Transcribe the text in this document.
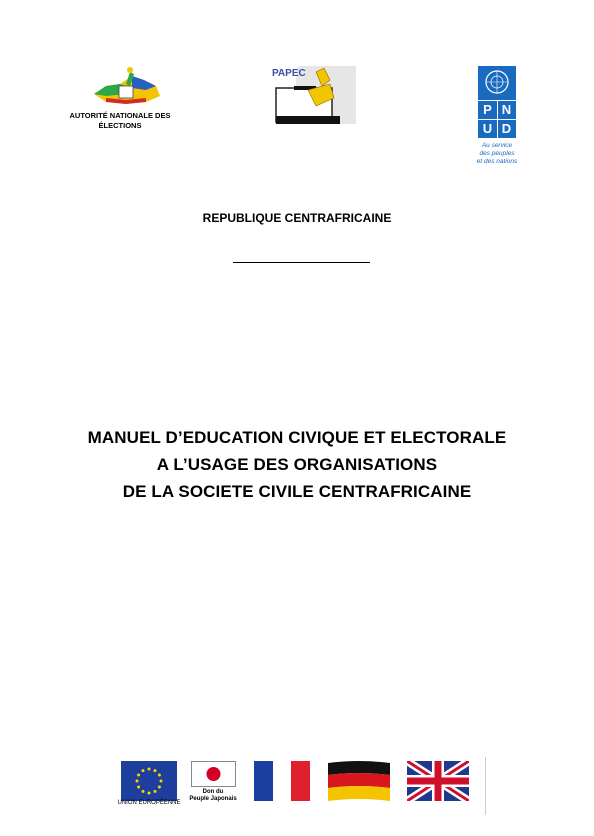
AUTORITÉ NATIONALE DES
ÉLECTIONS
PAPEC
P N
U D
Au service
des peuples
et des nations
REPUBLIQUE CENTRAFRICAINE
MANUEL D’EDUCATION CIVIQUE ET ELECTORALE
A L’USAGE DES ORGANISATIONS
DE LA SOCIETE CIVILE CENTRAFRICAINE
UNION EUROPÉENNE
Don du
Peuple Japonais
